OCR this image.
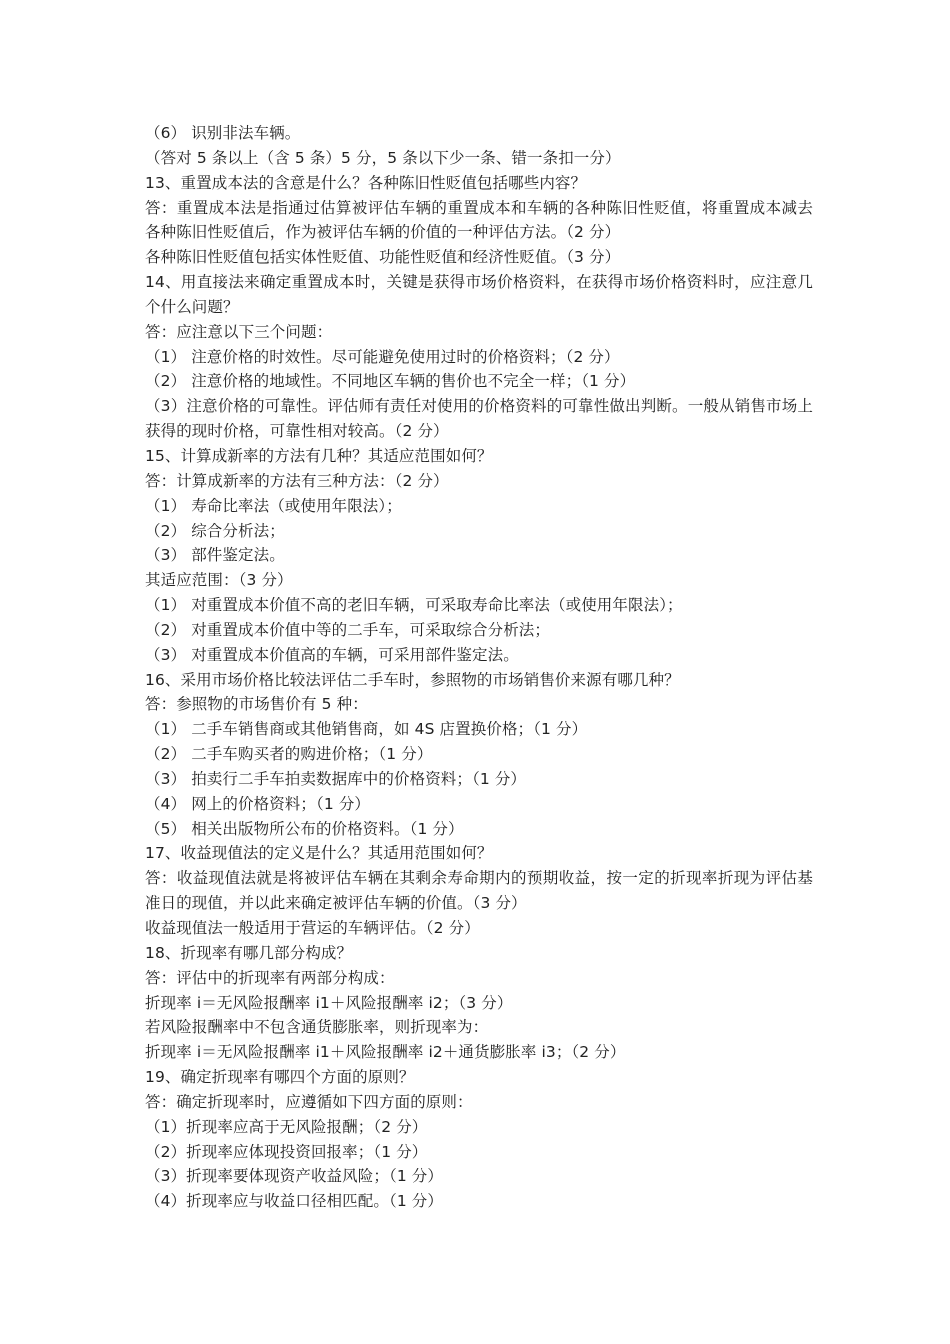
（6） 识别非法车辆。
（答对 5 条以上（含 5 条）5 分，5 条以下少一条、错一条扣一分）
13、重置成本法的含意是什么？各种陈旧性贬值包括哪些内容？
答：重置成本法是指通过估算被评估车辆的重置成本和车辆的各种陈旧性贬值，将重置成本减去各种陈旧性贬值后，作为被评估车辆的价值的一种评估方法。（2 分）
各种陈旧性贬值包括实体性贬值、功能性贬值和经济性贬值。（3 分）
14、用直接法来确定重置成本时，关键是获得市场价格资料，在获得市场价格资料时，应注意几个什么问题？
答：应注意以下三个问题：
（1） 注意价格的时效性。尽可能避免使用过时的价格资料；（2 分）
（2） 注意价格的地域性。不同地区车辆的售价也不完全一样；（1 分）
（3）注意价格的可靠性。评估师有责任对使用的价格资料的可靠性做出判断。一般从销售市场上获得的现时价格，可靠性相对较高。（2 分）
15、计算成新率的方法有几种？其适应范围如何？
答：计算成新率的方法有三种方法：（2 分）
（1） 寿命比率法（或使用年限法）；
（2） 综合分析法；
（3） 部件鉴定法。
其适应范围：（3 分）
（1） 对重置成本价值不高的老旧车辆，可采取寿命比率法（或使用年限法）；
（2） 对重置成本价值中等的二手车，可采取综合分析法；
（3） 对重置成本价值高的车辆，可采用部件鉴定法。
16、采用市场价格比较法评估二手车时，参照物的市场销售价来源有哪几种？
答：参照物的市场售价有 5 种：
（1） 二手车销售商或其他销售商，如 4S 店置换价格；（1 分）
（2） 二手车购买者的购进价格；（1 分）
（3） 拍卖行二手车拍卖数据库中的价格资料；（1 分）
（4） 网上的价格资料；（1 分）
（5） 相关出版物所公布的价格资料。（1 分）
17、收益现值法的定义是什么？其适用范围如何？
答：收益现值法就是将被评估车辆在其剩余寿命期内的预期收益，按一定的折现率折现为评估基准日的现值，并以此来确定被评估车辆的价值。（3 分）
收益现值法一般适用于营运的车辆评估。（2 分）
18、折现率有哪几部分构成？
答：评估中的折现率有两部分构成：
折现率 i＝无风险报酬率 i1＋风险报酬率 i2；（3 分）
若风险报酬率中不包含通货膨胀率，则折现率为：
折现率 i＝无风险报酬率 i1＋风险报酬率 i2＋通货膨胀率 i3；（2 分）
19、确定折现率有哪四个方面的原则？
答：确定折现率时，应遵循如下四方面的原则：
（1）折现率应高于无风险报酬；（2 分）
（2）折现率应体现投资回报率；（1 分）
（3）折现率要体现资产收益风险；（1 分）
（4）折现率应与收益口径相匹配。（1 分）
